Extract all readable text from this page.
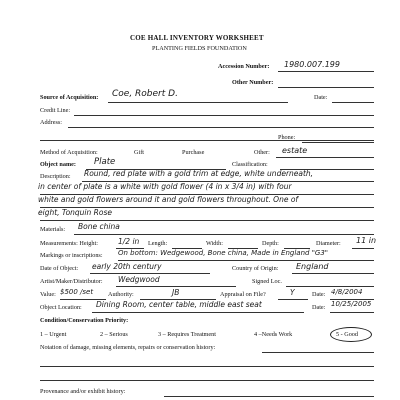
COE HALL INVENTORY WORKSHEET
PLANTING FIELDS FOUNDATION
Accession Number: 1980.007.199
Other Number:
Source of Acquisition: Coe, Robert D.	Date:
Credit Line:
Address:
Phone:
Method of Acquisition:	Gift	Purchase	Other: estate
Object name: Plate	Classification:
Description: Round, red plate with a gold trim at edge, white underneath,
in center of plate is a white with gold flower (4 in x 3/4 in) with four
white and gold flowers around it and gold flowers throughout. One of
eight, Tonquin Rose
Materials: Bone china
Measurements: Height:	1/2 in Length:	Width:	Depth:	Diameter: 11 in
Markings or inscriptions: On bottom: Wedgewood, Bone china, Made in England "G3"
Date of Object: early 20th century	Country of Origin: England
Artist/Maker/Distributor: Wedgwood	Signed Loc.
Value: $500 /set Authority:	JB	Appraisal on File?	Y	Date: 4/8/2004
Object Location: Dining Room, center table, middle east seat	Date: 10/25/2005
Condition/Conservation Priority:
1 – Urgent	2 – Serious	3 – Requires Treatment	4 –Needs Work	5 - Good
Notation of damage, missing elements, repairs or conservation history:
Provenance and/or exhibit history:
